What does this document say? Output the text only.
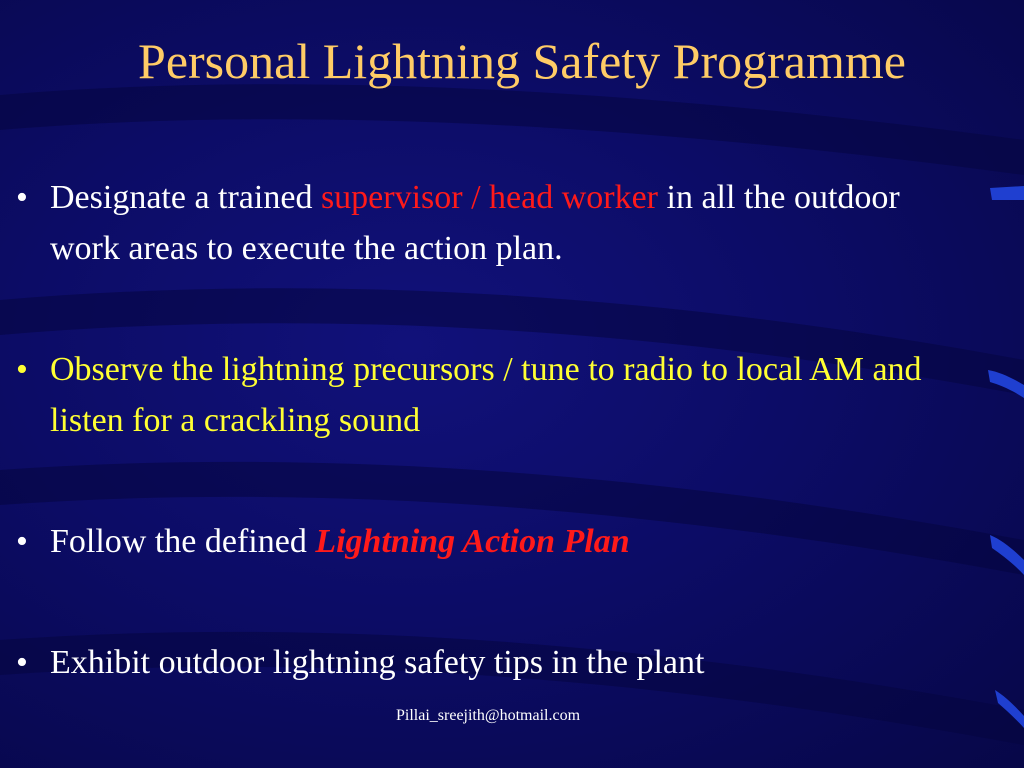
Personal Lightning Safety Programme
• Designate a trained supervisor / head worker in all the outdoor work areas to execute the action plan.
• Observe the lightning precursors / tune to radio to local AM and listen for a crackling sound
• Follow the defined Lightning Action Plan
• Exhibit outdoor lightning safety tips in the plant
Pillai_sreejith@hotmail.com
